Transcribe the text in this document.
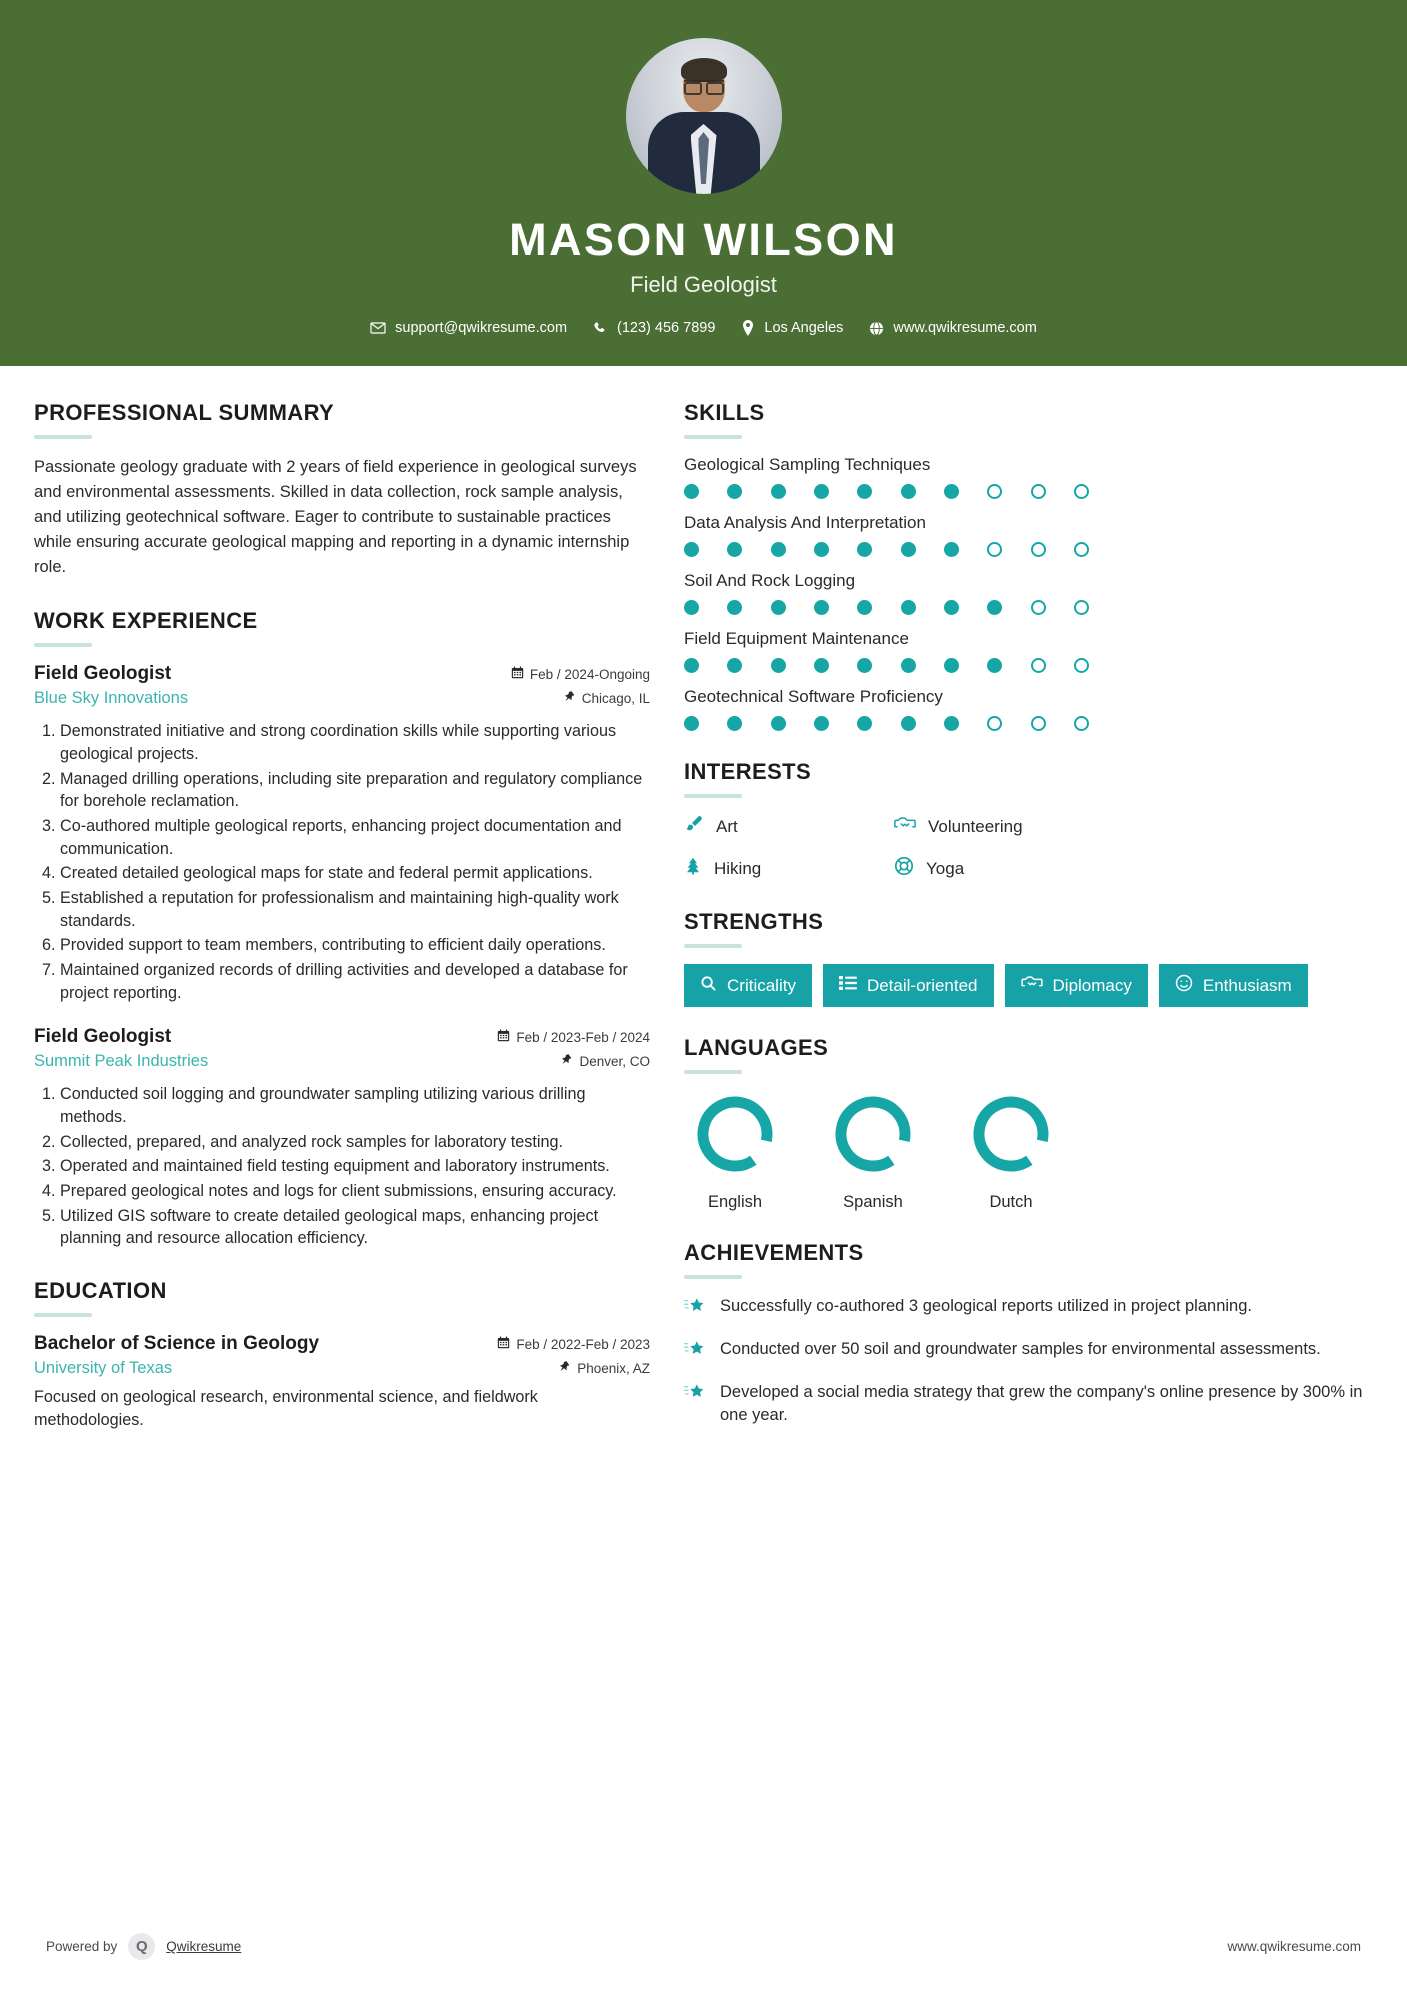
MASON WILSON
Field Geologist
support@qwikresume.com	(123) 456 7899	Los Angeles	www.qwikresume.com
PROFESSIONAL SUMMARY
Passionate geology graduate with 2 years of field experience in geological surveys and environmental assessments. Skilled in data collection, rock sample analysis, and utilizing geotechnical software. Eager to contribute to sustainable practices while ensuring accurate geological mapping and reporting in a dynamic internship role.
WORK EXPERIENCE
Field Geologist	Feb / 2024-Ongoing
Blue Sky Innovations	Chicago, IL
1. Demonstrated initiative and strong coordination skills while supporting various geological projects.
2. Managed drilling operations, including site preparation and regulatory compliance for borehole reclamation.
3. Co-authored multiple geological reports, enhancing project documentation and communication.
4. Created detailed geological maps for state and federal permit applications.
5. Established a reputation for professionalism and maintaining high-quality work standards.
6. Provided support to team members, contributing to efficient daily operations.
7. Maintained organized records of drilling activities and developed a database for project reporting.
Field Geologist	Feb / 2023-Feb / 2024
Summit Peak Industries	Denver, CO
1. Conducted soil logging and groundwater sampling utilizing various drilling methods.
2. Collected, prepared, and analyzed rock samples for laboratory testing.
3. Operated and maintained field testing equipment and laboratory instruments.
4. Prepared geological notes and logs for client submissions, ensuring accuracy.
5. Utilized GIS software to create detailed geological maps, enhancing project planning and resource allocation efficiency.
EDUCATION
Bachelor of Science in Geology	Feb / 2022-Feb / 2023
University of Texas	Phoenix, AZ
Focused on geological research, environmental science, and fieldwork methodologies.
SKILLS
Geological Sampling Techniques
Data Analysis And Interpretation
Soil And Rock Logging
Field Equipment Maintenance
Geotechnical Software Proficiency
INTERESTS
Art	Volunteering
Hiking	Yoga
STRENGTHS
Criticality	Detail-oriented	Diplomacy	Enthusiasm
LANGUAGES
English	Spanish	Dutch
ACHIEVEMENTS
Successfully co-authored 3 geological reports utilized in project planning.
Conducted over 50 soil and groundwater samples for environmental assessments.
Developed a social media strategy that grew the company's online presence by 300% in one year.
Powered by	Q	Qwikresume	www.qwikresume.com
